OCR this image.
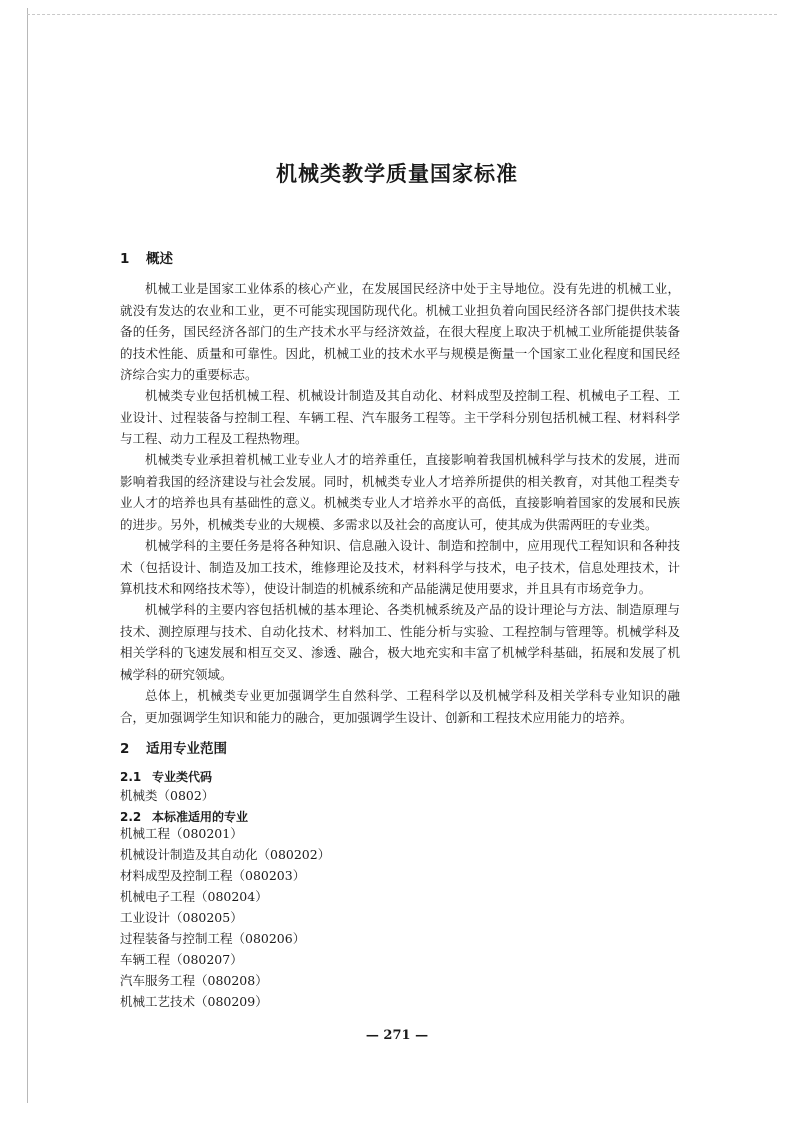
机械类教学质量国家标准
1 概述

机械工业是国家工业体系的核心产业，在发展国民经济中处于主导地位。没有先进的机械工业，就没有发达的农业和工业，更不可能实现国防现代化。机械工业担负着向国民经济各部门提供技术装备的任务，国民经济各部门的生产技术水平与经济效益，在很大程度上取决于机械工业所能提供装备的技术性能、质量和可靠性。因此，机械工业的技术水平与规模是衡量一个国家工业化程度和国民经济综合实力的重要标志。

机械类专业包括机械工程、机械设计制造及其自动化、材料成型及控制工程、机械电子工程、工业设计、过程装备与控制工程、车辆工程、汽车服务工程等。主干学科分别包括机械工程、材料科学与工程、动力工程及工程热物理。

机械类专业承担着机械工业专业人才的培养重任，直接影响着我国机械科学与技术的发展，进而影响着我国的经济建设与社会发展。同时，机械类专业人才培养所提供的相关教育，对其他工程类专业人才的培养也具有基础性的意义。机械类专业人才培养水平的高低，直接影响着国家的发展和民族的进步。另外，机械类专业的大规模、多需求以及社会的高度认可，使其成为供需两旺的专业类。

机械学科的主要任务是将各种知识、信息融入设计、制造和控制中，应用现代工程知识和各种技术（包括设计、制造及加工技术，维修理论及技术，材料科学与技术，电子技术，信息处理技术，计算机技术和网络技术等），使设计制造的机械系统和产品能满足使用要求，并且具有市场竞争力。

机械学科的主要内容包括机械的基本理论、各类机械系统及产品的设计理论与方法、制造原理与技术、测控原理与技术、自动化技术、材料加工、性能分析与实验、工程控制与管理等。机械学科及相关学科的飞速发展和相互交叉、渗透、融合，极大地充实和丰富了机械学科基础，拓展和发展了机械学科的研究领域。

总体上，机械类专业更加强调学生自然科学、工程科学以及机械学科及相关学科专业知识的融合，更加强调学生知识和能力的融合，更加强调学生设计、创新和工程技术应用能力的培养。

2 适用专业范围
2.1 专业类代码

机械类（0802）

2.2 本标准适用的专业
机械工程（080201）
机械设计制造及其自动化（080202）
材料成型及控制工程（080203）
机械电子工程（080204）
工业设计（080205）
过程装备与控制工程（080206）
车辆工程（080207）
汽车服务工程（080208）
机械工艺技术（080209）

— 271 —
